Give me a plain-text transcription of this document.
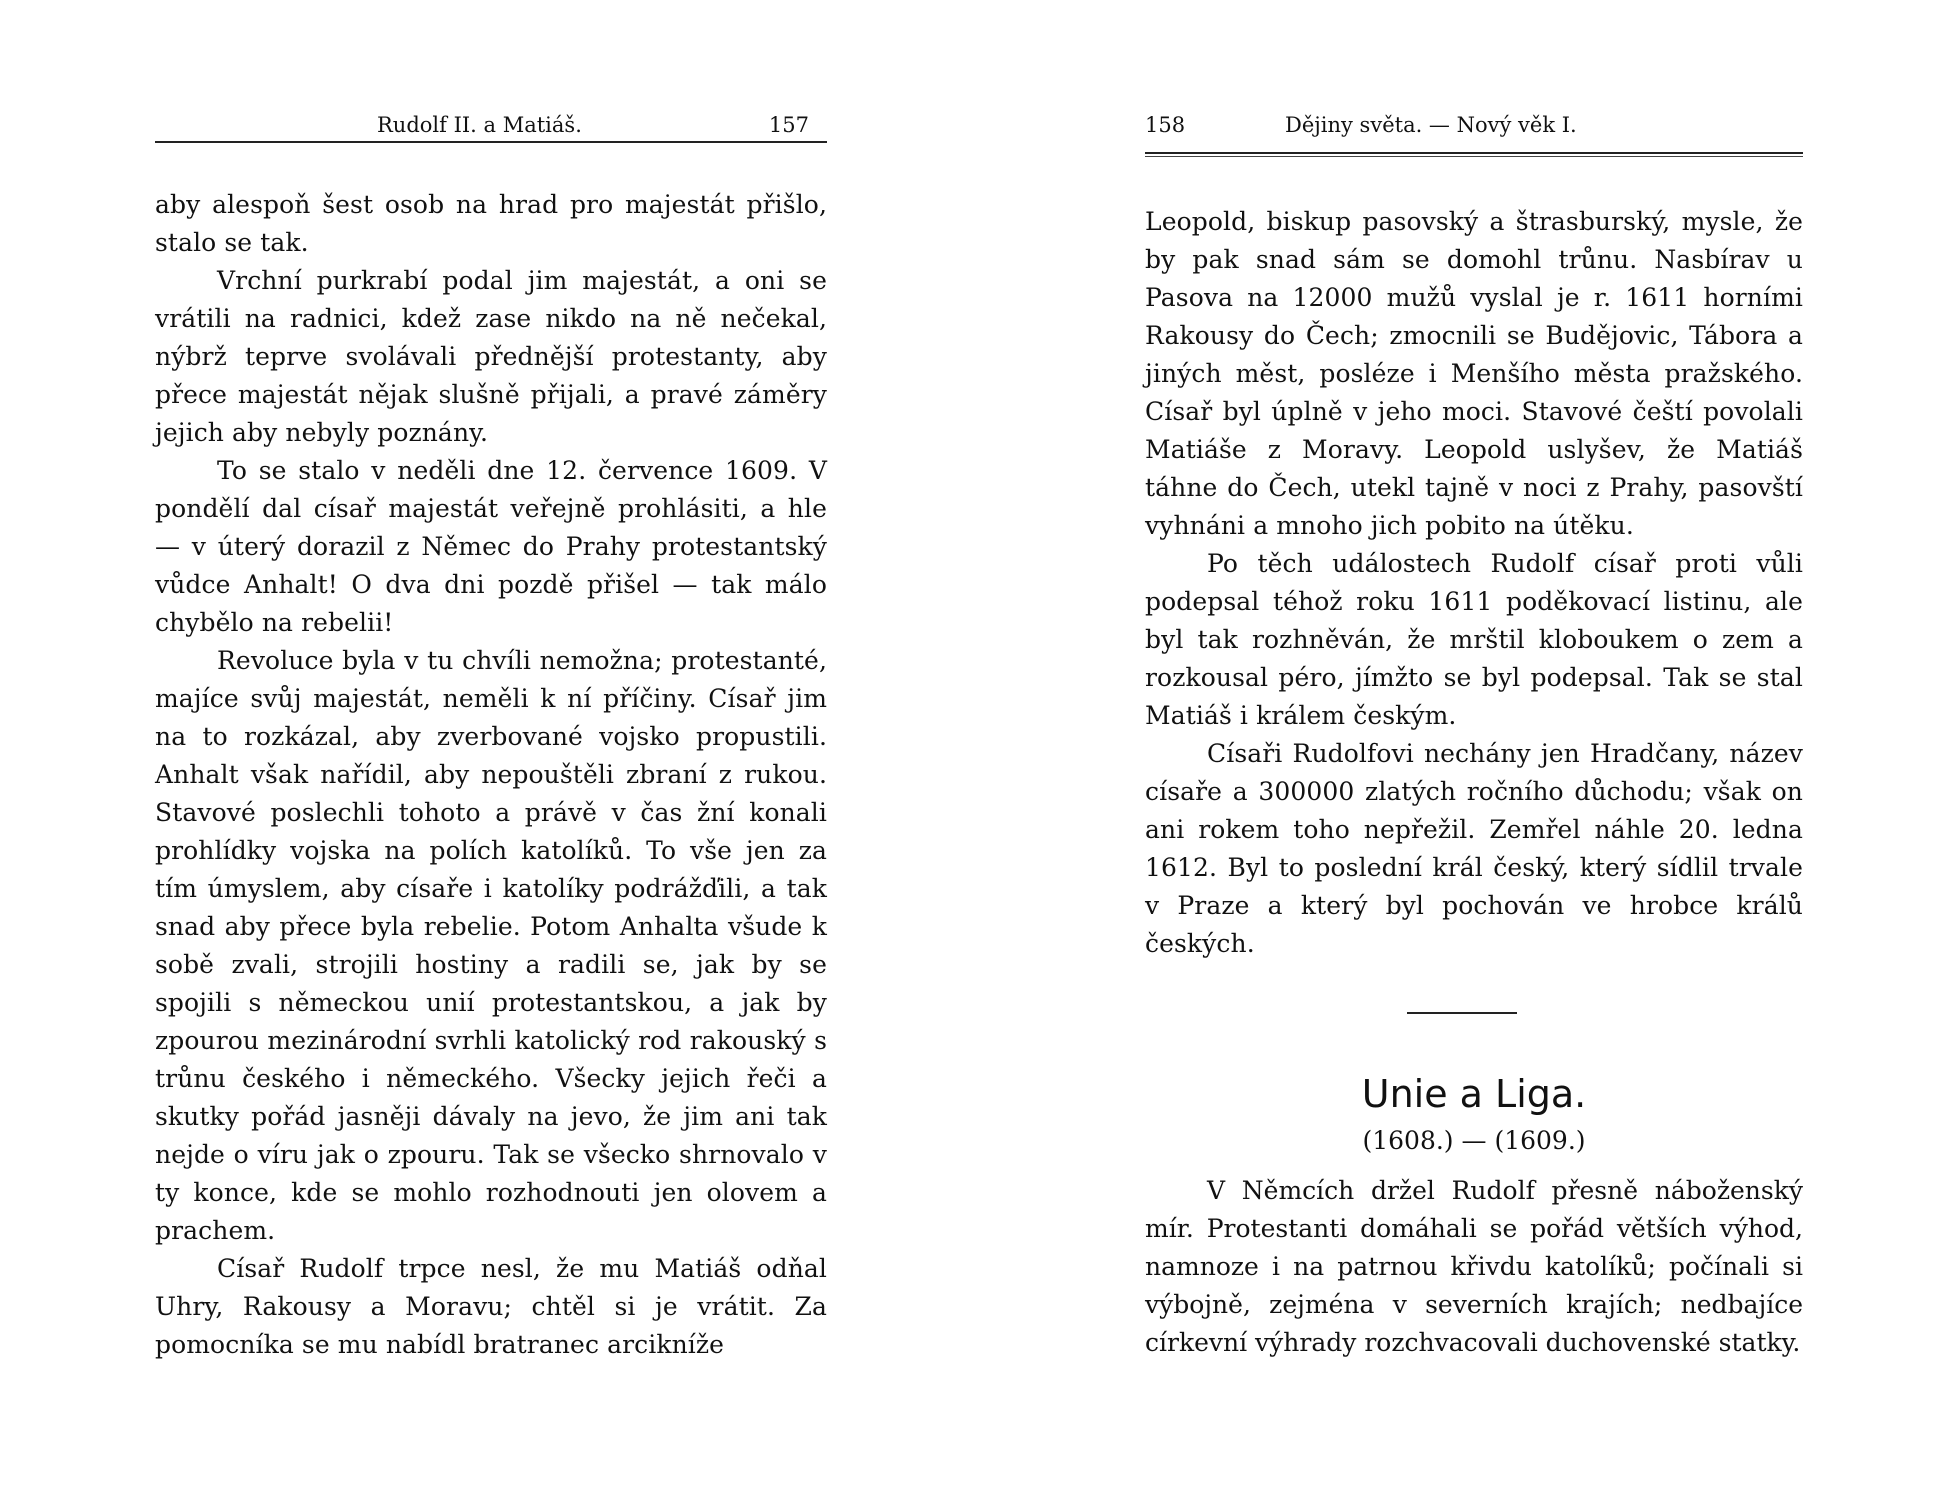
Rudolf II. a Matiáš.	157

aby alespoň šest osob na hrad pro majestát přišlo, stalo se tak.

Vrchní purkrabí podal jim majestát, a oni se vrátili na radnici, kdež zase nikdo na ně nečekal, nýbrž teprve svolávali přednější protestanty, aby přece majestát nějak slušně přijali, a pravé záměry jejich aby nebyly poznány.

To se stalo v neděli dne 12. července 1609. V pondělí dal císař majestát veřejně prohlásiti, a hle — v úterý dorazil z Němec do Prahy protestantský vůdce Anhalt! O dva dni pozdě přišel — tak málo chybělo na rebelii!

Revoluce byla v tu chvíli nemožna; protestanté, majíce svůj majestát, neměli k ní příčiny. Císař jim na to rozkázal, aby zverbované vojsko propustili. Anhalt však nařídil, aby nepouštěli zbraní z rukou. Stavové poslechli tohoto a právě v čas žní konali prohlídky vojska na polích katolíků. To vše jen za tím úmyslem, aby císaře i katolíky podrážďili, a tak snad aby přece byla rebelie. Potom Anhalta všude k sobě zvali, strojili hostiny a radili se, jak by se spojili s německou unií protestantskou, a jak by zpourou mezinárodní svrhli katolický rod rakouský s trůnu českého i německého. Všecky jejich řeči a skutky pořád jasněji dávaly na jevo, že jim ani tak nejde o víru jak o zpouru. Tak se všecko shrnovalo v ty konce, kde se mohlo rozhodnouti jen olovem a prachem.

Císař Rudolf trpce nesl, že mu Matiáš odňal Uhry, Rakousy a Moravu; chtěl si je vrátit. Za pomocníka se mu nabídl bratranec arcikníže

158	Dějiny světa. — Nový věk I.

Leopold, biskup pasovský a štrasburský, mysle, že by pak snad sám se domohl trůnu. Nasbírav u Pasova na 12000 mužů vyslal je r. 1611 horními Rakousy do Čech; zmocnili se Budějovic, Tábora a jiných měst, posléze i Menšího města pražského. Císař byl úplně v jeho moci. Stavové čeští povolali Matiáše z Moravy. Leopold uslyšev, že Matiáš táhne do Čech, utekl tajně v noci z Prahy, pasovští vyhnáni a mnoho jich pobito na útěku.

Po těch událostech Rudolf císař proti vůli podepsal téhož roku 1611 poděkovací listinu, ale byl tak rozhněván, že mrštil kloboukem o zem a rozkousal péro, jímžto se byl podepsal. Tak se stal Matiáš i králem českým.

Císaři Rudolfovi nechány jen Hradčany, název císaře a 300000 zlatých ročního důchodu; však on ani rokem toho nepřežil. Zemřel náhle 20. ledna 1612. Byl to poslední král český, který sídlil trvale v Praze a který byl pochován ve hrobce králů českých.

Unie a Liga.
(1608.) — (1609.)

V Němcích držel Rudolf přesně náboženský mír. Protestanti domáhali se pořád větších výhod, namnoze i na patrnou křivdu katolíků; počínali si výbojně, zejména v severních krajích; nedbajíce církevní výhrady rozchvacovali duchovenské statky.
